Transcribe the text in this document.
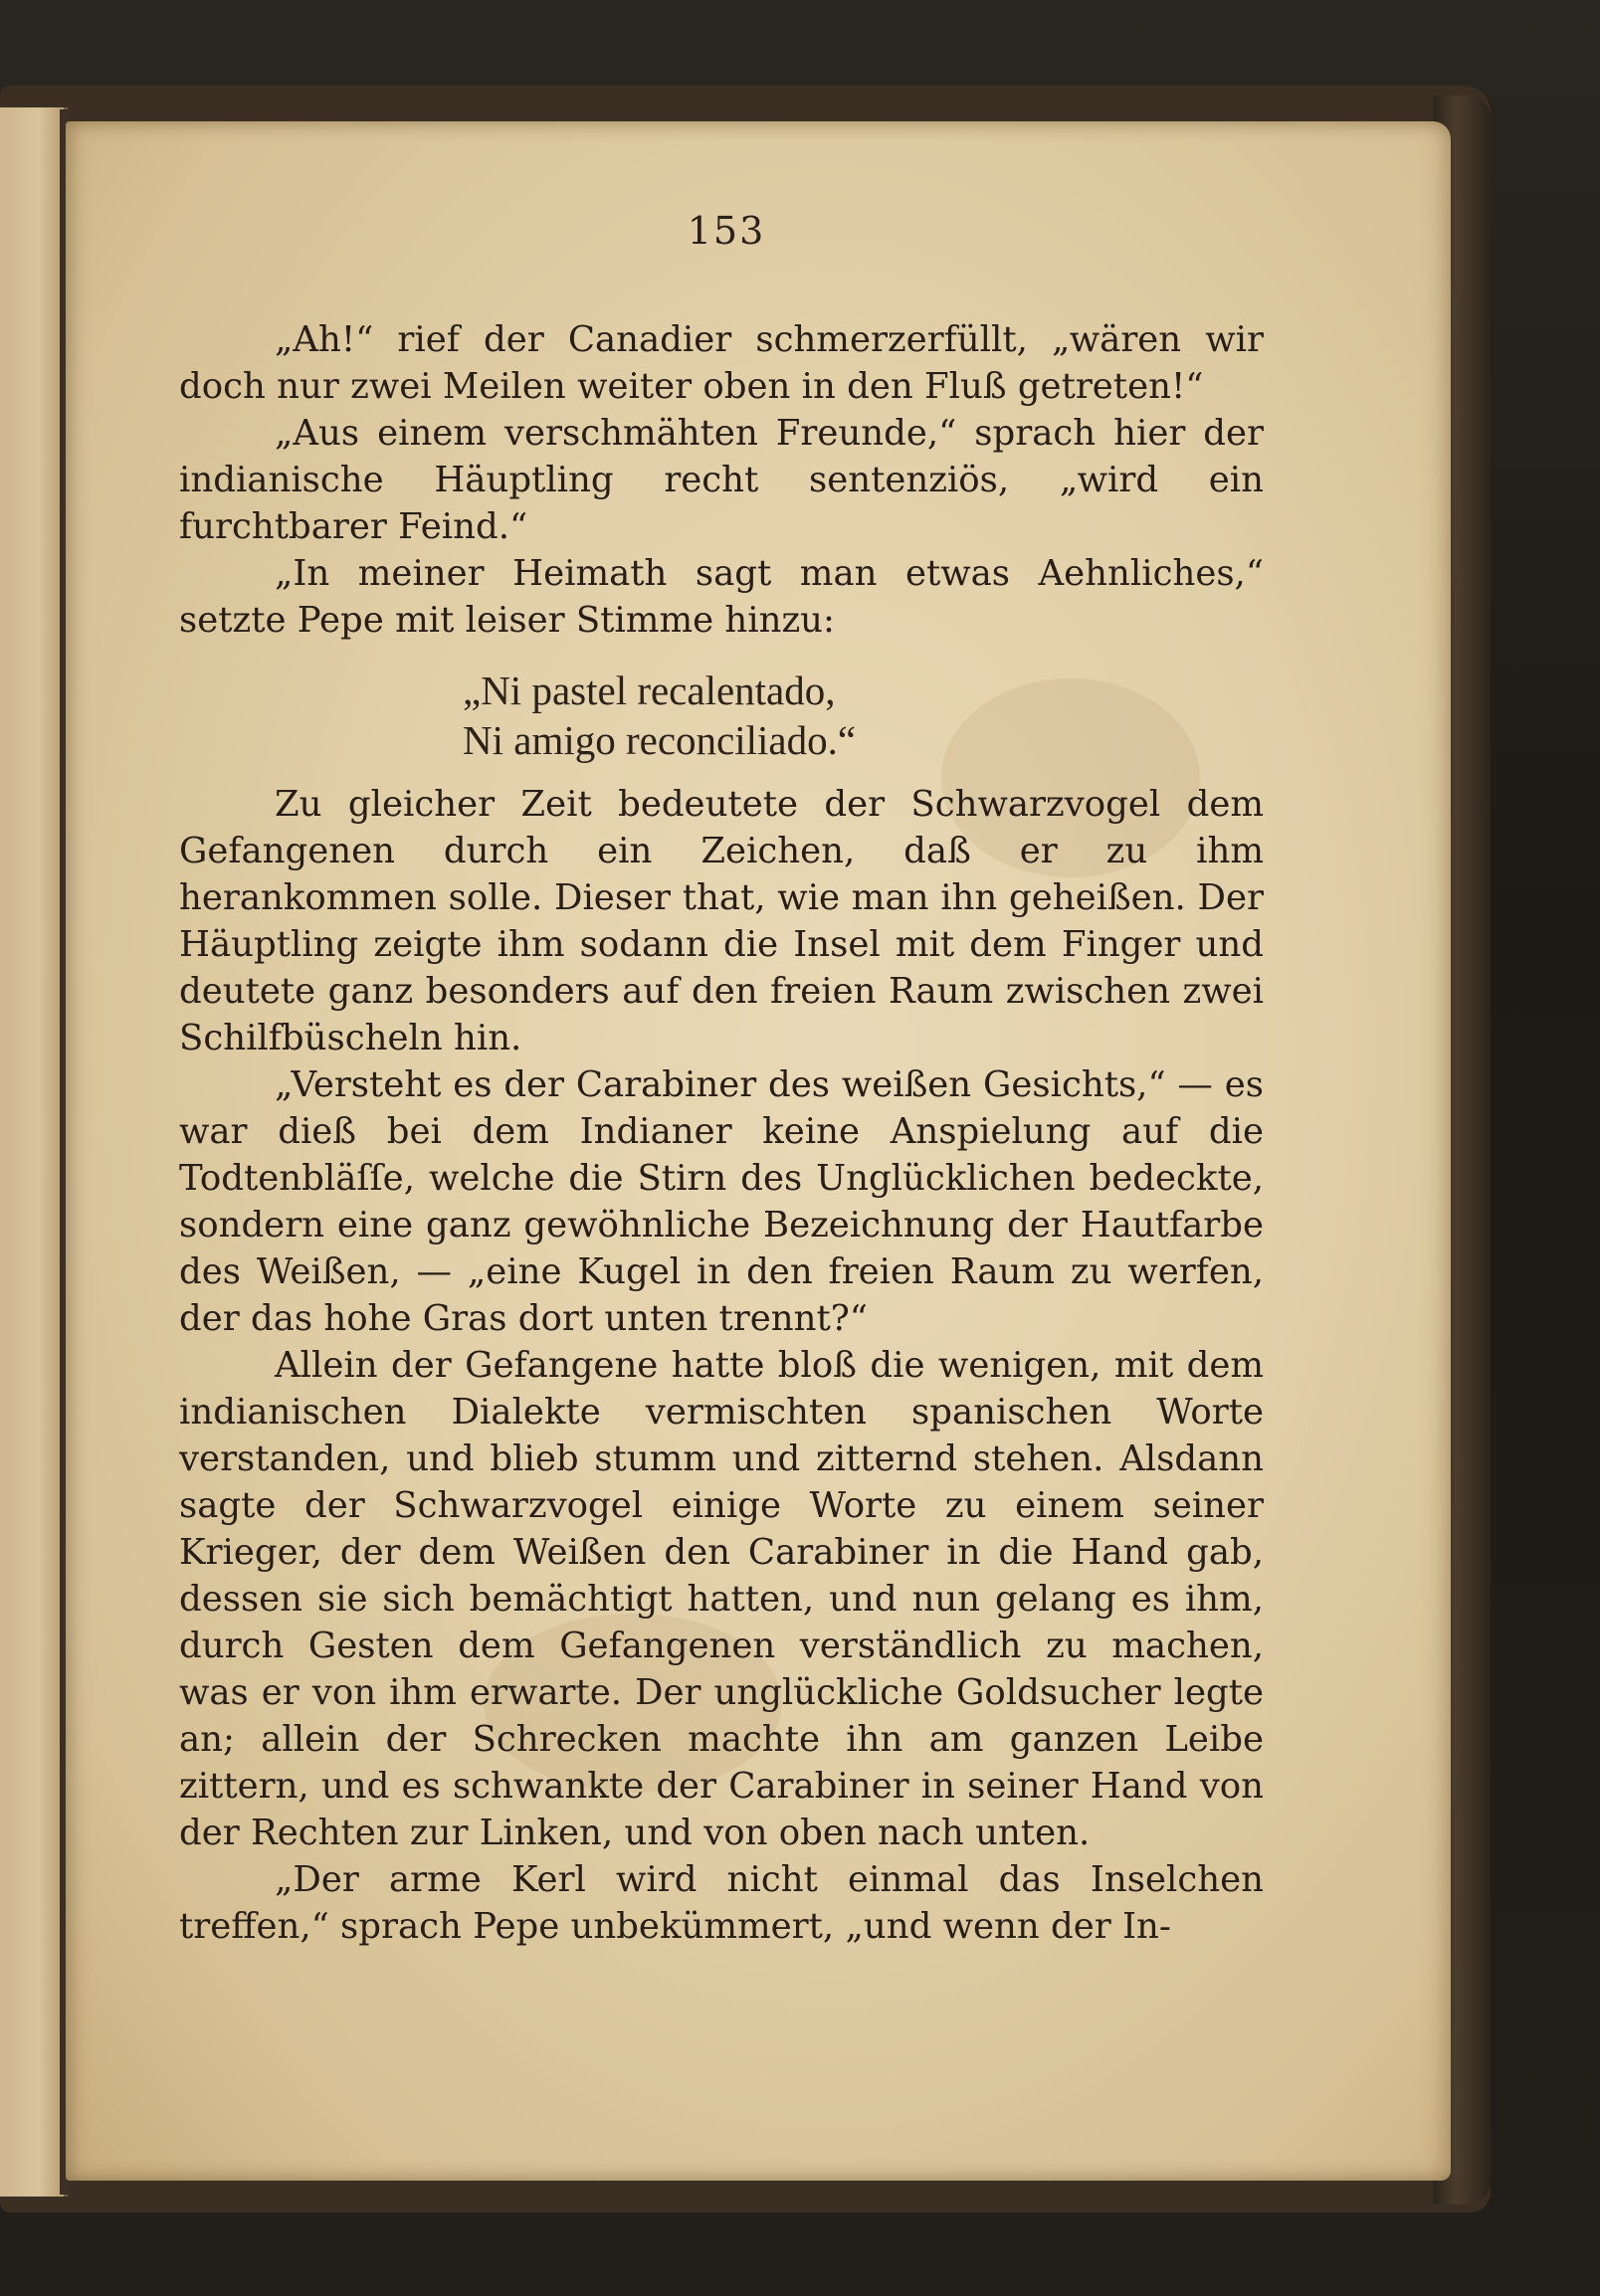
153

„Ah!“ rief der Canadier schmerzerfüllt, „wären wir doch nur zwei Meilen weiter oben in den Fluß getreten!“

„Aus einem verschmähten Freunde,“ sprach hier der indianische Häuptling recht sentenziös, „wird ein furchtbarer Feind.“

„In meiner Heimath sagt man etwas Aehnliches,“ setzte Pepe mit leiser Stimme hinzu:

„Ni pastel recalentado,
Ni amigo reconciliado.“

Zu gleicher Zeit bedeutete der Schwarzvogel dem Gefangenen durch ein Zeichen, daß er zu ihm herankommen solle. Dieser that, wie man ihn geheißen. Der Häuptling zeigte ihm sodann die Insel mit dem Finger und deutete ganz besonders auf den freien Raum zwischen zwei Schilfbüscheln hin.

„Versteht es der Carabiner des weißen Gesichts,“ — es war dieß bei dem Indianer keine Anspielung auf die Todtenbläſſe, welche die Stirn des Unglücklichen bedeckte, sondern eine ganz gewöhnliche Bezeichnung der Hautfarbe des Weißen, — „eine Kugel in den freien Raum zu werfen, der das hohe Gras dort unten trennt?“

Allein der Gefangene hatte bloß die wenigen, mit dem indianischen Dialekte vermischten spanischen Worte verstanden, und blieb stumm und zitternd stehen. Alsdann sagte der Schwarzvogel einige Worte zu einem seiner Krieger, der dem Weißen den Carabiner in die Hand gab, dessen sie sich bemächtigt hatten, und nun gelang es ihm, durch Gesten dem Gefangenen verständlich zu machen, was er von ihm erwarte. Der unglückliche Goldsucher legte an; allein der Schrecken machte ihn am ganzen Leibe zittern, und es schwankte der Carabiner in seiner Hand von der Rechten zur Linken, und von oben nach unten.

„Der arme Kerl wird nicht einmal das Inselchen treffen,“ sprach Pepe unbekümmert, „und wenn der In-
